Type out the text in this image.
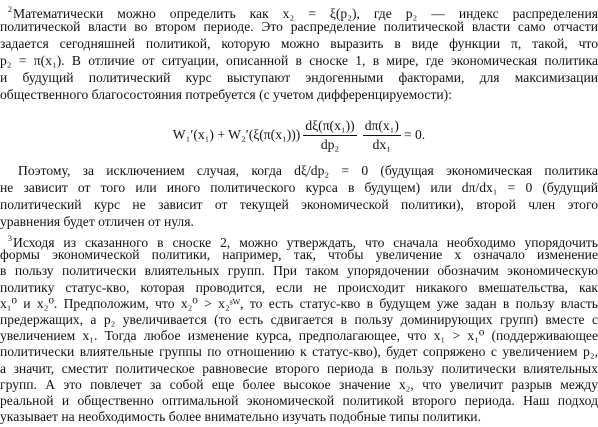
$^2$Математически можно определить как x₂ = ξ(p₂), где p₂ — индекс распределения
политической власти во втором периоде. Это распределение политической власти само отчасти
задается сегодняшней политикой, которую можно выразить в виде функции π, такой, что
p₂ = π(x₁). В отличие от ситуации, описанной в сноске 1, в мире, где экономическая политика
и будущий политический курс выступают эндогенными факторами, для максимизации
общественного благосостояния потребуется (с учетом дифференцируемости):
$W_1'(x_1) + W_2'(\xi(\pi(x_1))) \frac{\text{dξ(π(x₁))}}{\text{dp₂}} \frac{\text{dπ(x₁)}}{\text{dx₁}} = 0$.
Поэтому, за исключением случая, когда dξ/dp₂ = 0 (будущая экономическая политика
не зависит от того или иного политического курса в будущем) или dπ/dx₁ = 0 (будущий
политический курс не зависит от текущей экономической политики), второй член этого
уравнения будет отличен от нуля.
$^3$Исходя из сказанного в сноске 2, можно утверждать, что сначала необходимо упорядочить
формы экономической политики, например, так, чтобы увеличение x означало изменение
в пользу политически влиятельных групп. При таком упорядочении обозначим экономическую
политику статус-кво, которая проводится, если не происходит никакого вмешательства, как
x₁⁰ и x₂⁰. Предположим, что x₂⁰ > x₂ˢᵂ, то есть статус-кво в будущем уже задан в пользу власть
предержащих, а p₂ увеличивается (то есть сдвигается в пользу доминирующих групп) вместе с
увеличением x₁. Тогда любое изменение курса, предполагающее, что x₁ > x₁⁰ (поддерживающее
политически влиятельные группы по отношению к статус-кво), будет сопряжено с увеличением p₂,
а значит, сместит политическое равновесие второго периода в пользу политически влиятельных
групп. А это повлечет за собой еще более высокое значение x₂, что увеличит разрыв между
реальной и общественно оптимальной экономической политикой второго периода. Наш подход
указывает на необходимость более внимательно изучать подобные типы политики.
